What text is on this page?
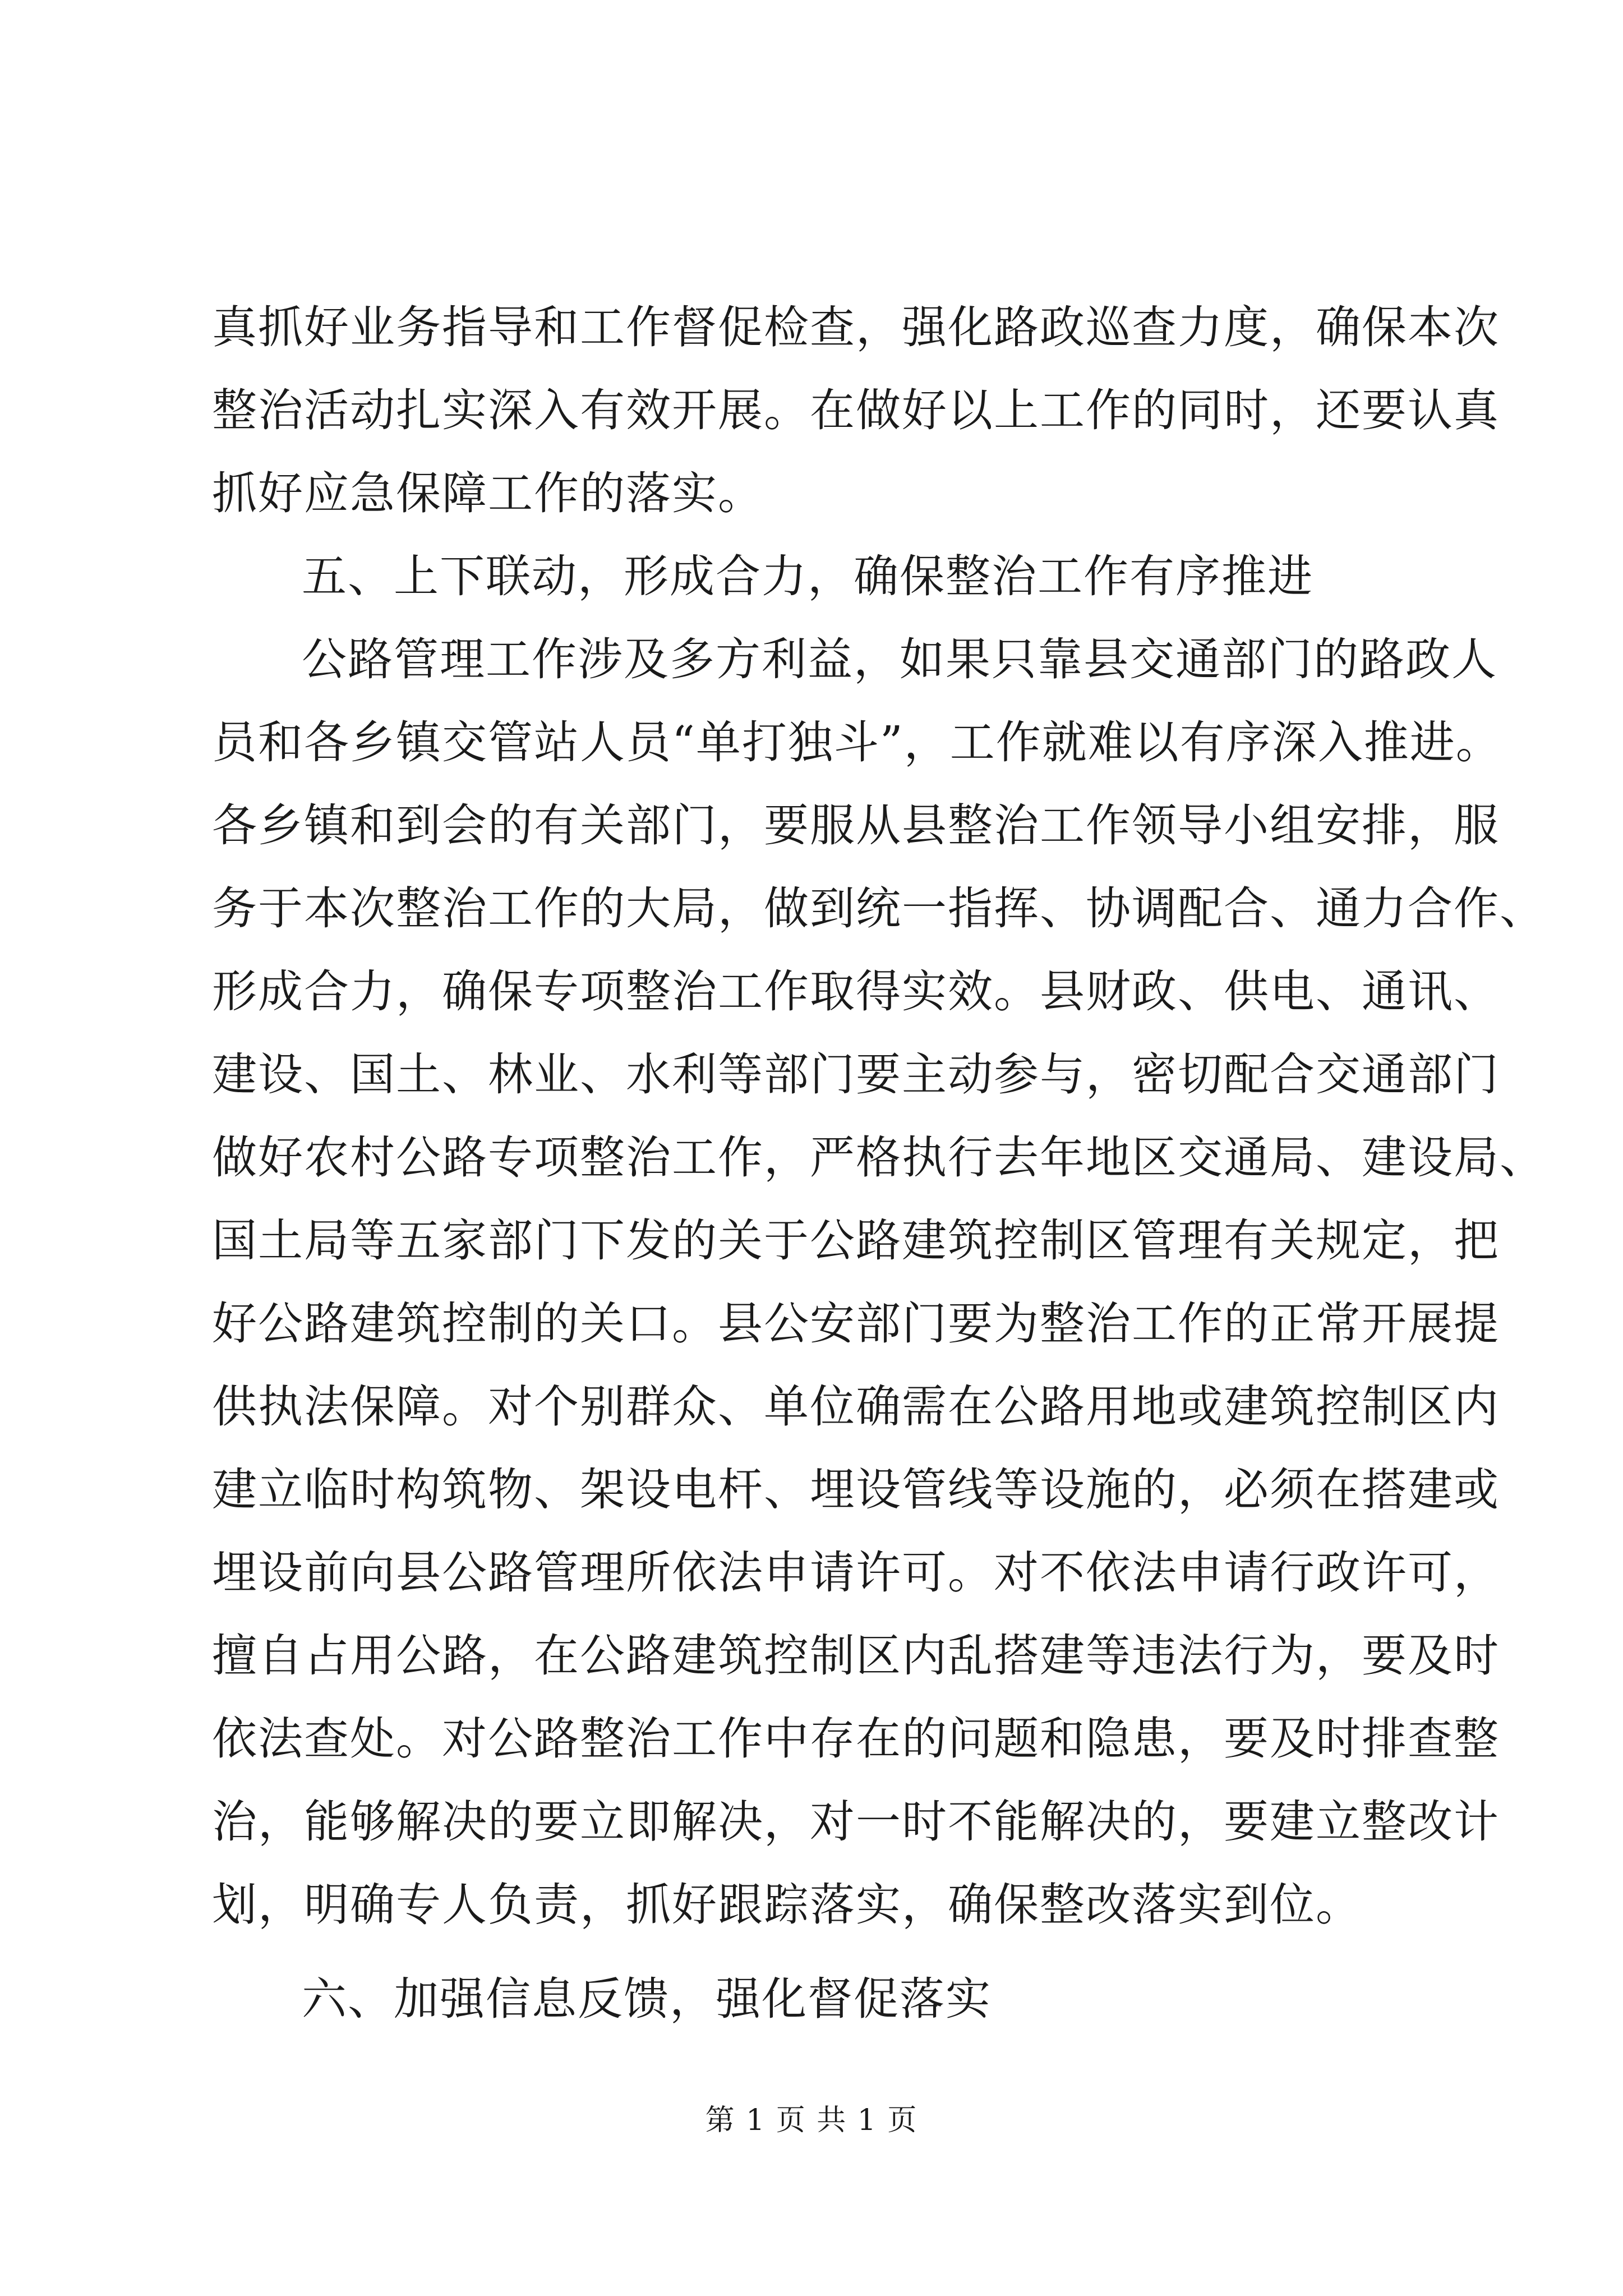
真抓好业务指导和工作督促检查，强化路政巡查力度，确保本次
整治活动扎实深入有效开展。在做好以上工作的同时，还要认真
抓好应急保障工作的落实。
五、上下联动，形成合力，确保整治工作有序推进
公路管理工作涉及多方利益，如果只靠县交通部门的路政人
员和各乡镇交管站人员“单打独斗”，工作就难以有序深入推进。
各乡镇和到会的有关部门，要服从县整治工作领导小组安排，服
务于本次整治工作的大局，做到统一指挥、协调配合、通力合作、
形成合力，确保专项整治工作取得实效。县财政、供电、通讯、
建设、国土、林业、水利等部门要主动参与，密切配合交通部门
做好农村公路专项整治工作，严格执行去年地区交通局、建设局、
国土局等五家部门下发的关于公路建筑控制区管理有关规定，把
好公路建筑控制的关口。县公安部门要为整治工作的正常开展提
供执法保障。对个别群众、单位确需在公路用地或建筑控制区内
建立临时构筑物、架设电杆、埋设管线等设施的，必须在搭建或
埋设前向县公路管理所依法申请许可。对不依法申请行政许可，
擅自占用公路，在公路建筑控制区内乱搭建等违法行为，要及时
依法查处。对公路整治工作中存在的问题和隐患，要及时排查整
治，能够解决的要立即解决，对一时不能解决的，要建立整改计
划，明确专人负责，抓好跟踪落实，确保整改落实到位。
六、加强信息反馈，强化督促落实
第 1 页 共 1 页
